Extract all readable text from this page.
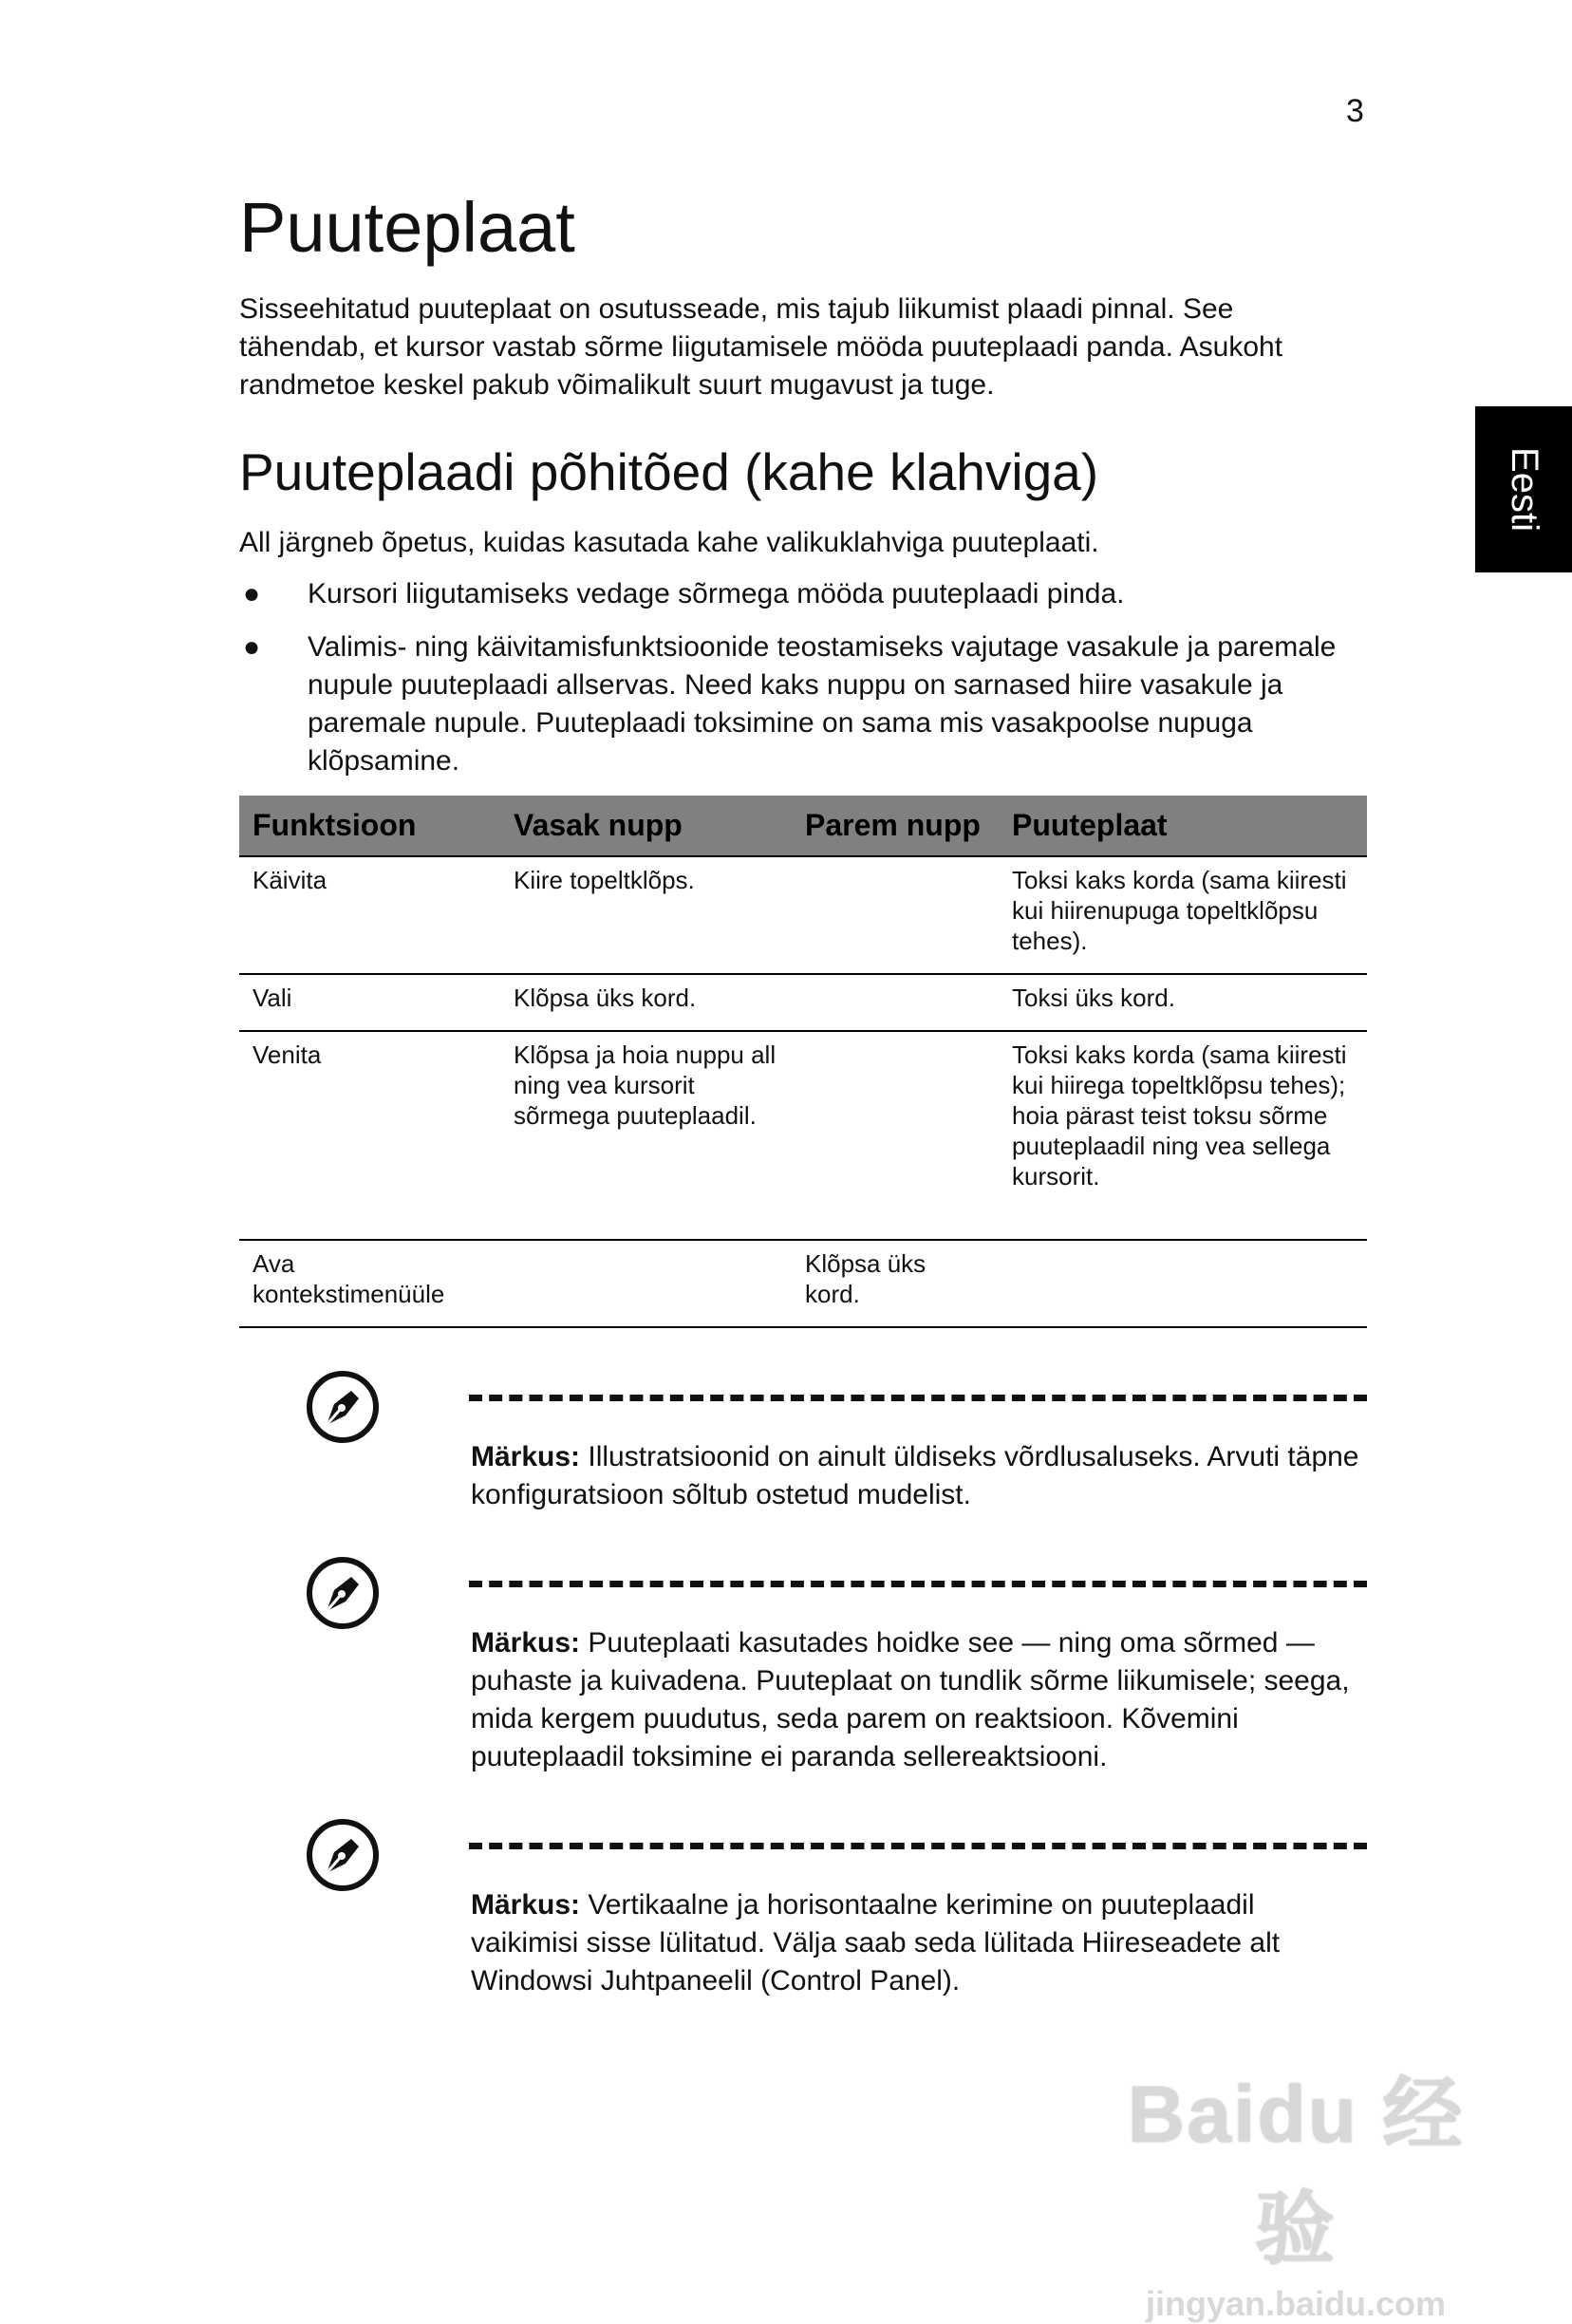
3
Eesti
Puuteplaat

Sisseehitatud puuteplaat on osutusseade, mis tajub liikumist plaadi pinnal. See tähendab, et kursor vastab sõrme liigutamisele mööda puuteplaadi panda. Asukoht randmetoe keskel pakub võimalikult suurt mugavust ja tuge.

Puuteplaadi põhitõed (kahe klahviga)

All järgneb õpetus, kuidas kasutada kahe valikuklahviga puuteplaati.

● Kursori liigutamiseks vedage sõrmega mööda puuteplaadi pinda.
● Valimis- ning käivitamisfunktsioonide teostamiseks vajutage vasakule ja paremale nupule puuteplaadi allservas. Need kaks nuppu on sarnased hiire vasakule ja paremale nupule. Puuteplaadi toksimine on sama mis vasakpoolse nupuga klõpsamine.
Funktsioon	Vasak nupp	Parem nupp	Puuteplaat
Käivita	Kiire topeltklõps.		Toksi kaks korda (sama kiiresti kui hiirenupuga topeltklõpsu tehes).
Vali	Klõpsa üks kord.		Toksi üks kord.
Venita	Klõpsa ja hoia nuppu all ning vea kursorit sõrmega puuteplaadil.		Toksi kaks korda (sama kiiresti kui hiirega topeltklõpsu tehes); hoia pärast teist toksu sõrme puuteplaadil ning vea sellega kursorit.
Ava kontekstimenüüle		Klõpsa üks kord.	
Märkus: Illustratsioonid on ainult üldiseks võrdlusaluseks. Arvuti täpne konfiguratsioon sõltub ostetud mudelist.
Märkus: Puuteplaati kasutades hoidke see — ning oma sõrmed — puhaste ja kuivadena. Puuteplaat on tundlik sõrme liikumisele; seega, mida kergem puudutus, seda parem on reaktsioon. Kõvemini puuteplaadil toksimine ei paranda sellereaktsiooni.
Märkus: Vertikaalne ja horisontaalne kerimine on puuteplaadil vaikimisi sisse lülitatud. Välja saab seda lülitada Hiireseadete alt Windowsi Juhtpaneelil (Control Panel).
Baidu 经验
jingyan.baidu.com
